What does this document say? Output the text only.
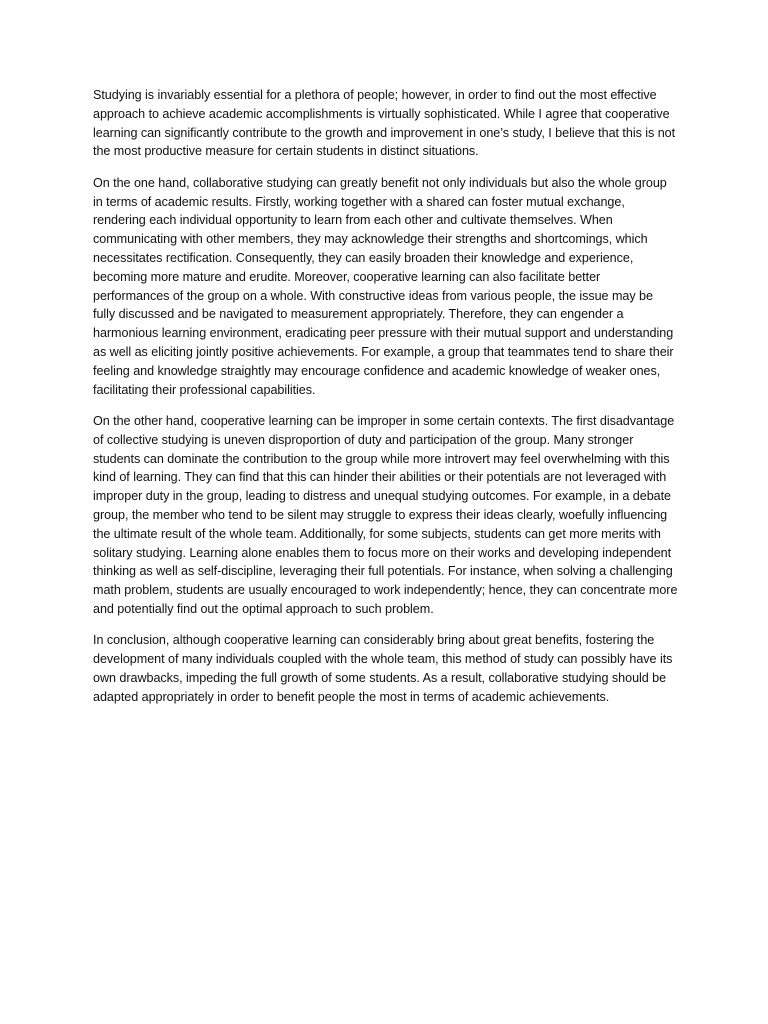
Studying is invariably essential for a plethora of people; however, in order to find out the most effective approach to achieve academic accomplishments is virtually sophisticated. While I agree that cooperative learning can significantly contribute to the growth and improvement in one’s study, I believe that this is not the most productive measure for certain students in distinct situations.

On the one hand, collaborative studying can greatly benefit not only individuals but also the whole group in terms of academic results. Firstly, working together with a shared can foster mutual exchange, rendering each individual opportunity to learn from each other and cultivate themselves. When communicating with other members, they may acknowledge their strengths and shortcomings, which necessitates rectification. Consequently, they can easily broaden their knowledge and experience, becoming more mature and erudite. Moreover, cooperative learning can also facilitate better performances of the group on a whole. With constructive ideas from various people, the issue may be fully discussed and be navigated to measurement appropriately. Therefore, they can engender a harmonious learning environment, eradicating peer pressure with their mutual support and understanding as well as eliciting jointly positive achievements. For example, a group that teammates tend to share their feeling and knowledge straightly may encourage confidence and academic knowledge of weaker ones, facilitating their professional capabilities.

On the other hand, cooperative learning can be improper in some certain contexts. The first disadvantage of collective studying is uneven disproportion of duty and participation of the group. Many stronger students can dominate the contribution to the group while more introvert may feel overwhelming with this kind of learning. They can find that this can hinder their abilities or their potentials are not leveraged with improper duty in the group, leading to distress and unequal studying outcomes. For example, in a debate group, the member who tend to be silent may struggle to express their ideas clearly, woefully influencing the ultimate result of the whole team. Additionally, for some subjects, students can get more merits with solitary studying. Learning alone enables them to focus more on their works and developing independent thinking as well as self-discipline, leveraging their full potentials. For instance, when solving a challenging math problem, students are usually encouraged to work independently; hence, they can concentrate more and potentially find out the optimal approach to such problem.

In conclusion, although cooperative learning can considerably bring about great benefits, fostering the development of many individuals coupled with the whole team, this method of study can possibly have its own drawbacks, impeding the full growth of some students. As a result, collaborative studying should be adapted appropriately in order to benefit people the most in terms of academic achievements.
